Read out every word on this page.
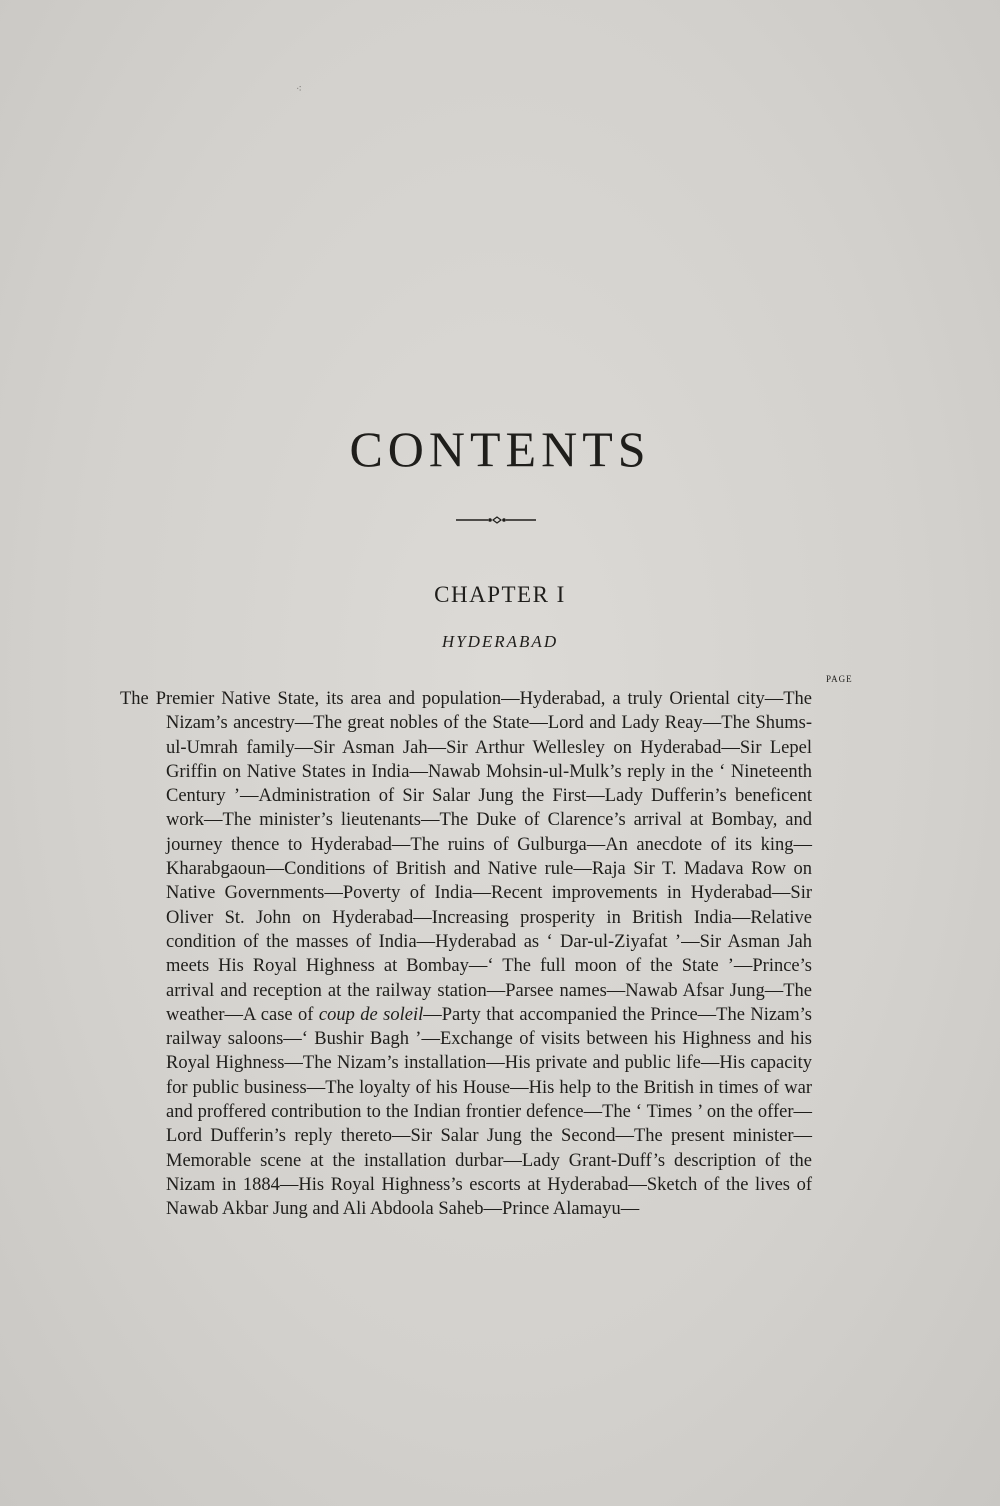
⁖
CONTENTS
CHAPTER I
HYDERABAD
PAGE

The Premier Native State, its area and population—Hyderabad, a truly Oriental city—The Nizam’s ancestry—The great nobles of the State—Lord and Lady Reay—The Shums-ul-Umrah family—Sir Asman Jah—Sir Arthur Wellesley on Hyderabad—Sir Lepel Griffin on Native States in India—Nawab Mohsin-ul-Mulk’s reply in the ‘ Nineteenth Century ’—Administration of Sir Salar Jung the First—Lady Dufferin’s beneficent work—The minister’s lieutenants—The Duke of Clarence’s arrival at Bombay, and journey thence to Hyderabad—The ruins of Gulburga—An anecdote of its king—Kharabgaoun—Conditions of British and Native rule—Raja Sir T. Madava Row on Native Governments—Poverty of India—Recent improvements in Hyderabad—Sir Oliver St. John on Hyderabad—Increasing prosperity in British India—Relative condition of the masses of India—Hyderabad as ‘ Dar-ul-Ziyafat ’—Sir Asman Jah meets His Royal Highness at Bombay—‘ The full moon of the State ’—Prince’s arrival and reception at the railway station—Parsee names—Nawab Afsar Jung—The weather—A case of coup de soleil—Party that accompanied the Prince—The Nizam’s railway saloons—‘ Bushir Bagh ’—Exchange of visits between his Highness and his Royal Highness—The Nizam’s installation—His private and public life—His capacity for public business—The loyalty of his House—His help to the British in times of war and proffered contribution to the Indian frontier defence—The ‘ Times ’ on the offer—Lord Dufferin’s reply thereto—Sir Salar Jung the Second—The present minister—Memorable scene at the installation durbar—Lady Grant-Duff’s description of the Nizam in 1884—His Royal Highness’s escorts at Hyderabad—Sketch of the lives of Nawab Akbar Jung and Ali Abdoola Saheb—Prince Alamayu—
